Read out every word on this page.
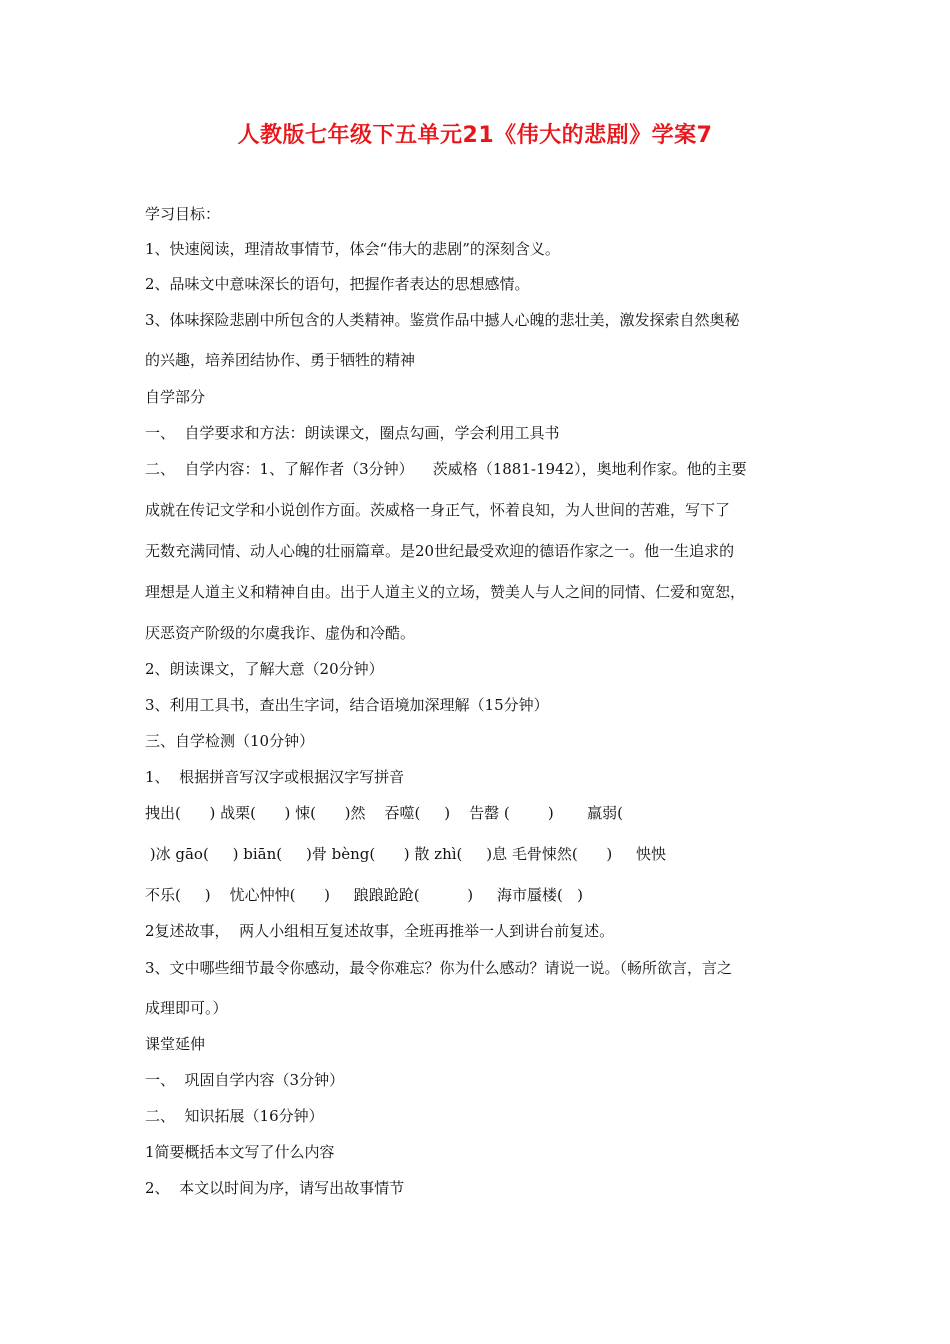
人教版七年级下五单元21《伟大的悲剧》学案7
学习目标：
1、快速阅读，理清故事情节，体会“伟大的悲剧”的深刻含义。
2、品味文中意味深长的语句，把握作者表达的思想感情。
3、体味探险悲剧中所包含的人类精神。鉴赏作品中撼人心魄的悲壮美，激发探索自然奥秘
的兴趣，培养团结协作、勇于牺牲的精神
自学部分
一、  自学要求和方法：朗读课文，圈点勾画，学会利用工具书
二、  自学内容：1、了解作者（3分钟）    茨威格（1881-1942），奥地利作家。他的主要
成就在传记文学和小说创作方面。茨威格一身正气，怀着良知，为人世间的苦难，写下了
无数充满同情、动人心魄的壮丽篇章。是20世纪最受欢迎的德语作家之一。他一生追求的
理想是人道主义和精神自由。出于人道主义的立场，赞美人与人之间的同情、仁爱和宽恕，
厌恶资产阶级的尔虞我诈、虚伪和冷酷。
2、朗读课文，了解大意（20分钟）
3、利用工具书，查出生字词，结合语境加深理解（15分钟）
三、自学检测（10分钟）
1、  根据拼音写汉字或根据汉字写拼音
拽出(      ) 战栗(      ) 悚(      )然    吞噬(     )    告罄 (        )       羸弱(
)冰 gāo(     ) biān(     )骨 bèng(      ) 散 zhì(     )息 毛骨悚然(      )     怏怏
不乐(     )    忧心忡忡(      )     踉踉跄跄(          )     海市蜃楼(   )
2复述故事，  两人小组相互复述故事，全班再推举一人到讲台前复述。
3、文中哪些细节最令你感动，最令你难忘？你为什么感动？请说一说。（畅所欲言，言之
成理即可。）
课堂延伸
一、  巩固自学内容（3分钟）
二、  知识拓展（16分钟）
1简要概括本文写了什么内容
2、  本文以时间为序，请写出故事情节
